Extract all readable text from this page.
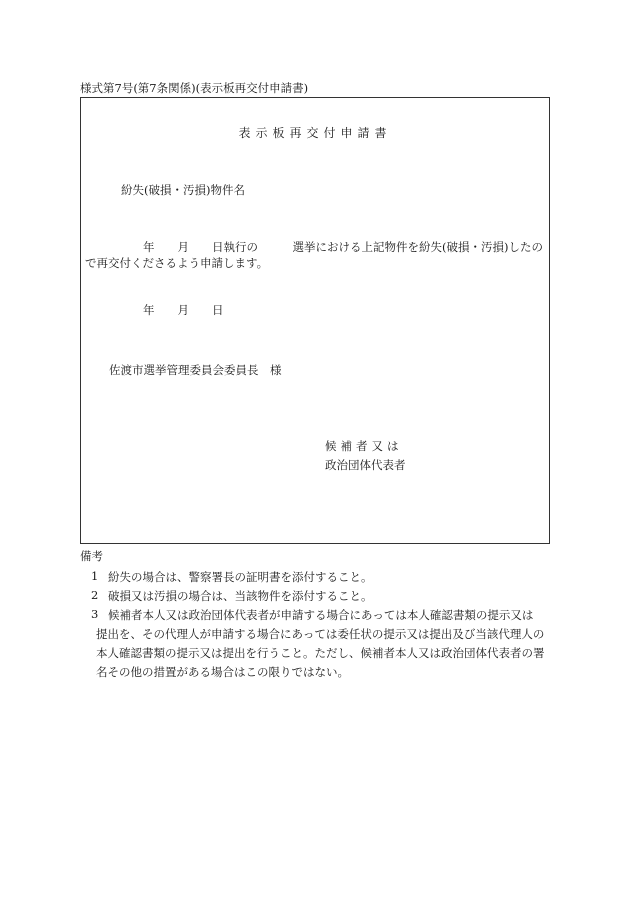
様式第7号(第7条関係)(表示板再交付申請書)
表示板再交付申請書
紛失(破損・汚損)物件名
年　　月　　日執行の　　　選挙における上記物件を紛失(破損・汚損)したの
で再交付くださるよう申請します。
年　　月　　日
佐渡市選挙管理委員会委員長　様
候補者又は
政治団体代表者
備考
1 紛失の場合は、警察署長の証明書を添付すること。
2 破損又は汚損の場合は、当該物件を添付すること。
3 候補者本人又は政治団体代表者が申請する場合にあっては本人確認書類の提示又は
提出を、その代理人が申請する場合にあっては委任状の提示又は提出及び当該代理人の
本人確認書類の提示又は提出を行うこと。ただし、候補者本人又は政治団体代表者の署
名その他の措置がある場合はこの限りではない。
